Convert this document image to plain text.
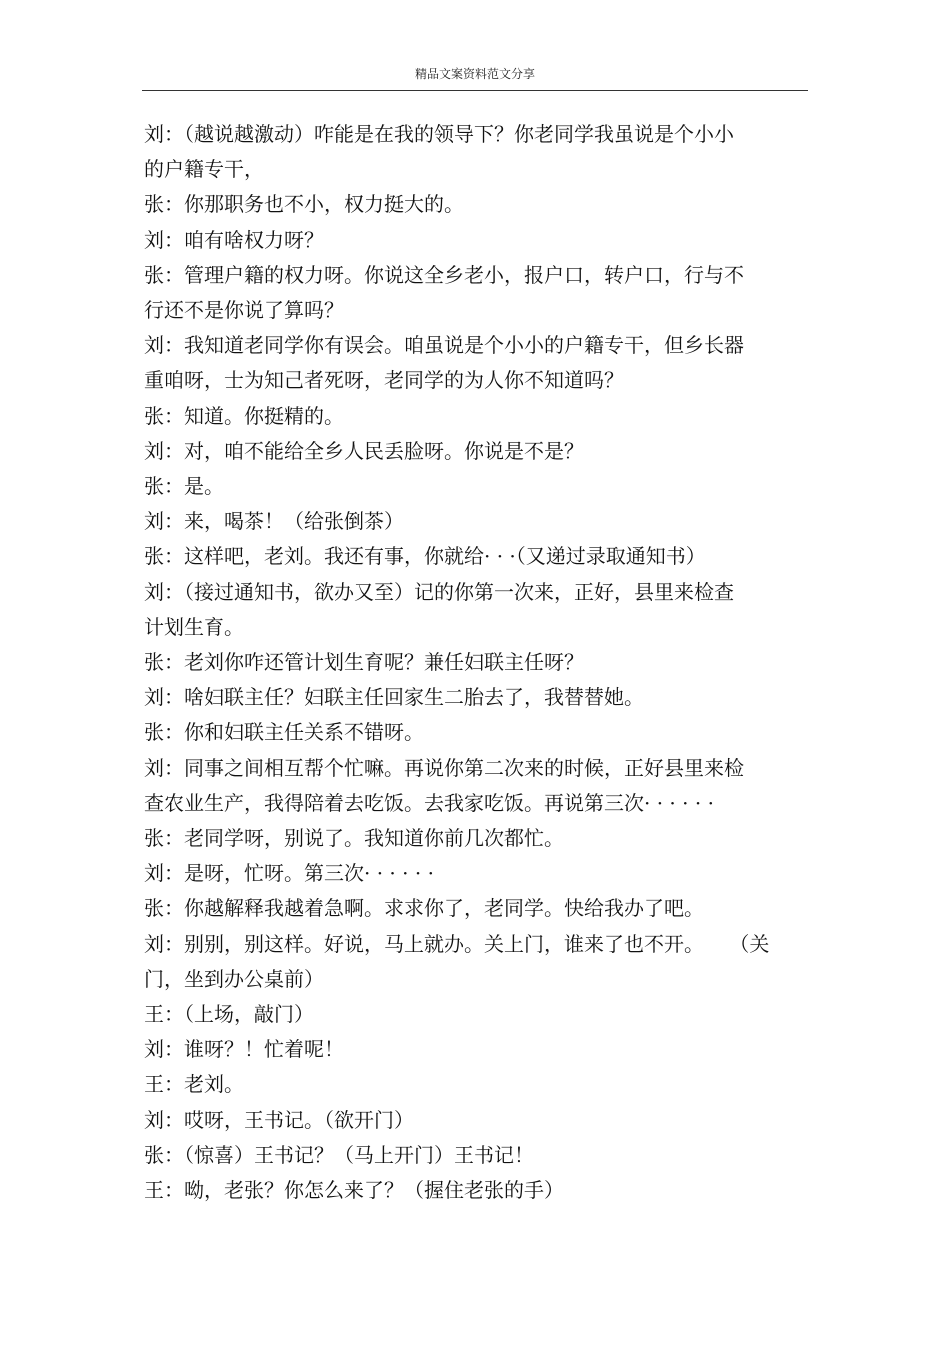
精品文案资料范文分享

刘：（越说越激动）咋能是在我的领导下？你老同学我虽说是个小小

的户籍专干，

张：你那职务也不小，权力挺大的。

刘：咱有啥权力呀？

张：管理户籍的权力呀。你说这全乡老小，报户口，转户口，行与不

行还不是你说了算吗？

刘：我知道老同学你有误会。咱虽说是个小小的户籍专干，但乡长器

重咱呀，士为知己者死呀，老同学的为人你不知道吗？

张：知道。你挺精的。

刘：对，咱不能给全乡人民丢脸呀。你说是不是？

张：是。

刘：来，喝茶！（给张倒茶）

张：这样吧，老刘。我还有事，你就给· · ·（又递过录取通知书）

刘：（接过通知书，欲办又至）记的你第一次来，正好，县里来检查

计划生育。

张：老刘你咋还管计划生育呢？兼任妇联主任呀？

刘：啥妇联主任？妇联主任回家生二胎去了，我替替她。

张：你和妇联主任关系不错呀。

刘：同事之间相互帮个忙嘛。再说你第二次来的时候，正好县里来检

查农业生产，我得陪着去吃饭。去我家吃饭。再说第三次· · · · · ·

张：老同学呀，别说了。我知道你前几次都忙。

刘：是呀，忙呀。第三次· · · · · ·

张：你越解释我越着急啊。求求你了，老同学。快给我办了吧。

刘：别别，别这样。好说，马上就办。关上门，谁来了也不开。    （关

门，坐到办公桌前）

王：（上场，敲门）

刘：谁呀？！忙着呢！

王：老刘。

刘：哎呀，王书记。（欲开门）

张：（惊喜）王书记？（马上开门）王书记！

王：呦，老张？你怎么来了？（握住老张的手）
